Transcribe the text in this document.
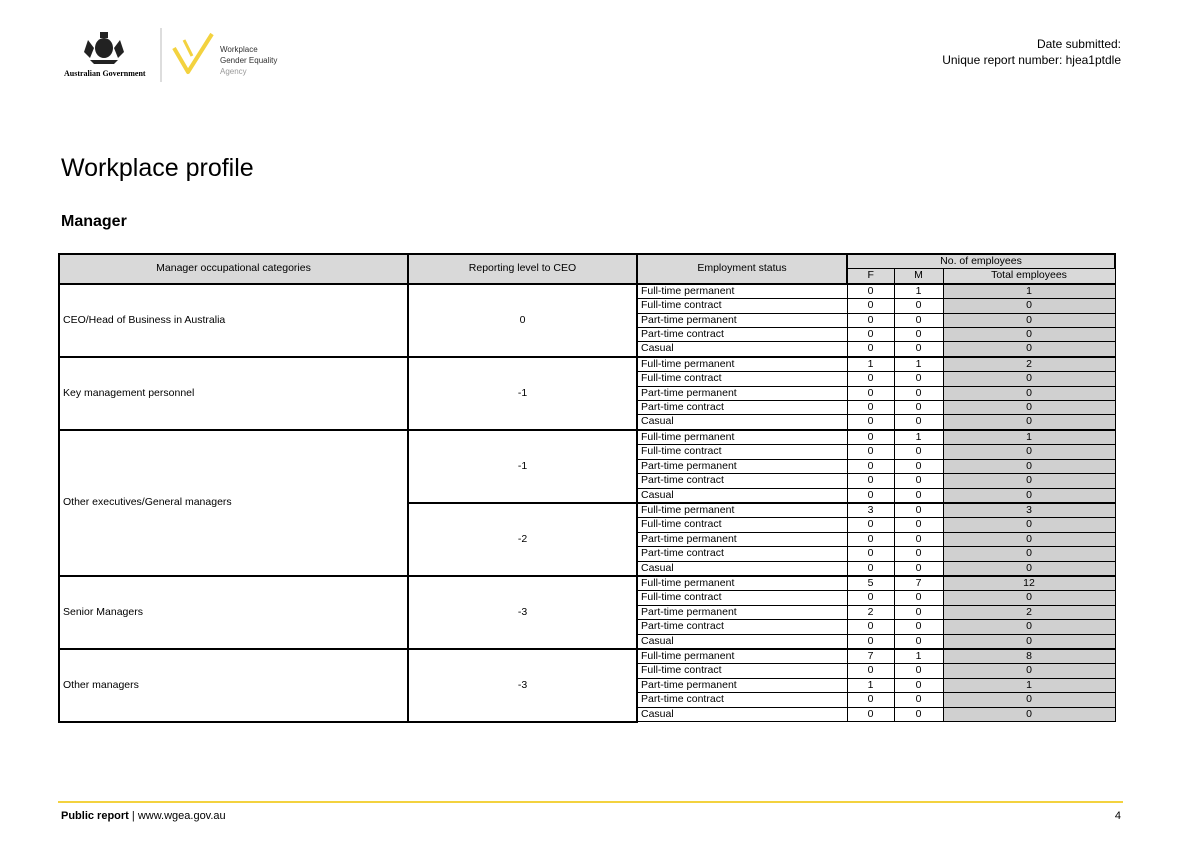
Australian Government
Workplace
Gender Equality
Agency
Date submitted:
Unique report number: hjea1ptdle
Workplace profile
Manager
Manager occupational categories	Reporting level to CEO	Employment status	No. of employees		
			F	M	Total employees
CEO/Head of Business in Australia	0	Full-time permanent	0	1	1
		Full-time contract	0	0	0
		Part-time permanent	0	0	0
		Part-time contract	0	0	0
		Casual	0	0	0
Key management personnel	-1	Full-time permanent	1	1	2
		Full-time contract	0	0	0
		Part-time permanent	0	0	0
		Part-time contract	0	0	0
		Casual	0	0	0
Other executives/General managers	-1	Full-time permanent	0	1	1
		Full-time contract	0	0	0
		Part-time permanent	0	0	0
		Part-time contract	0	0	0
		Casual	0	0	0
	-2	Full-time permanent	3	0	3
		Full-time contract	0	0	0
		Part-time permanent	0	0	0
		Part-time contract	0	0	0
		Casual	0	0	0
Senior Managers	-3	Full-time permanent	5	7	12
		Full-time contract	0	0	0
		Part-time permanent	2	0	2
		Part-time contract	0	0	0
		Casual	0	0	0
Other managers	-3	Full-time permanent	7	1	8
		Full-time contract	0	0	0
		Part-time permanent	1	0	1
		Part-time contract	0	0	0
		Casual	0	0	0
Public report | www.wgea.gov.au	4
